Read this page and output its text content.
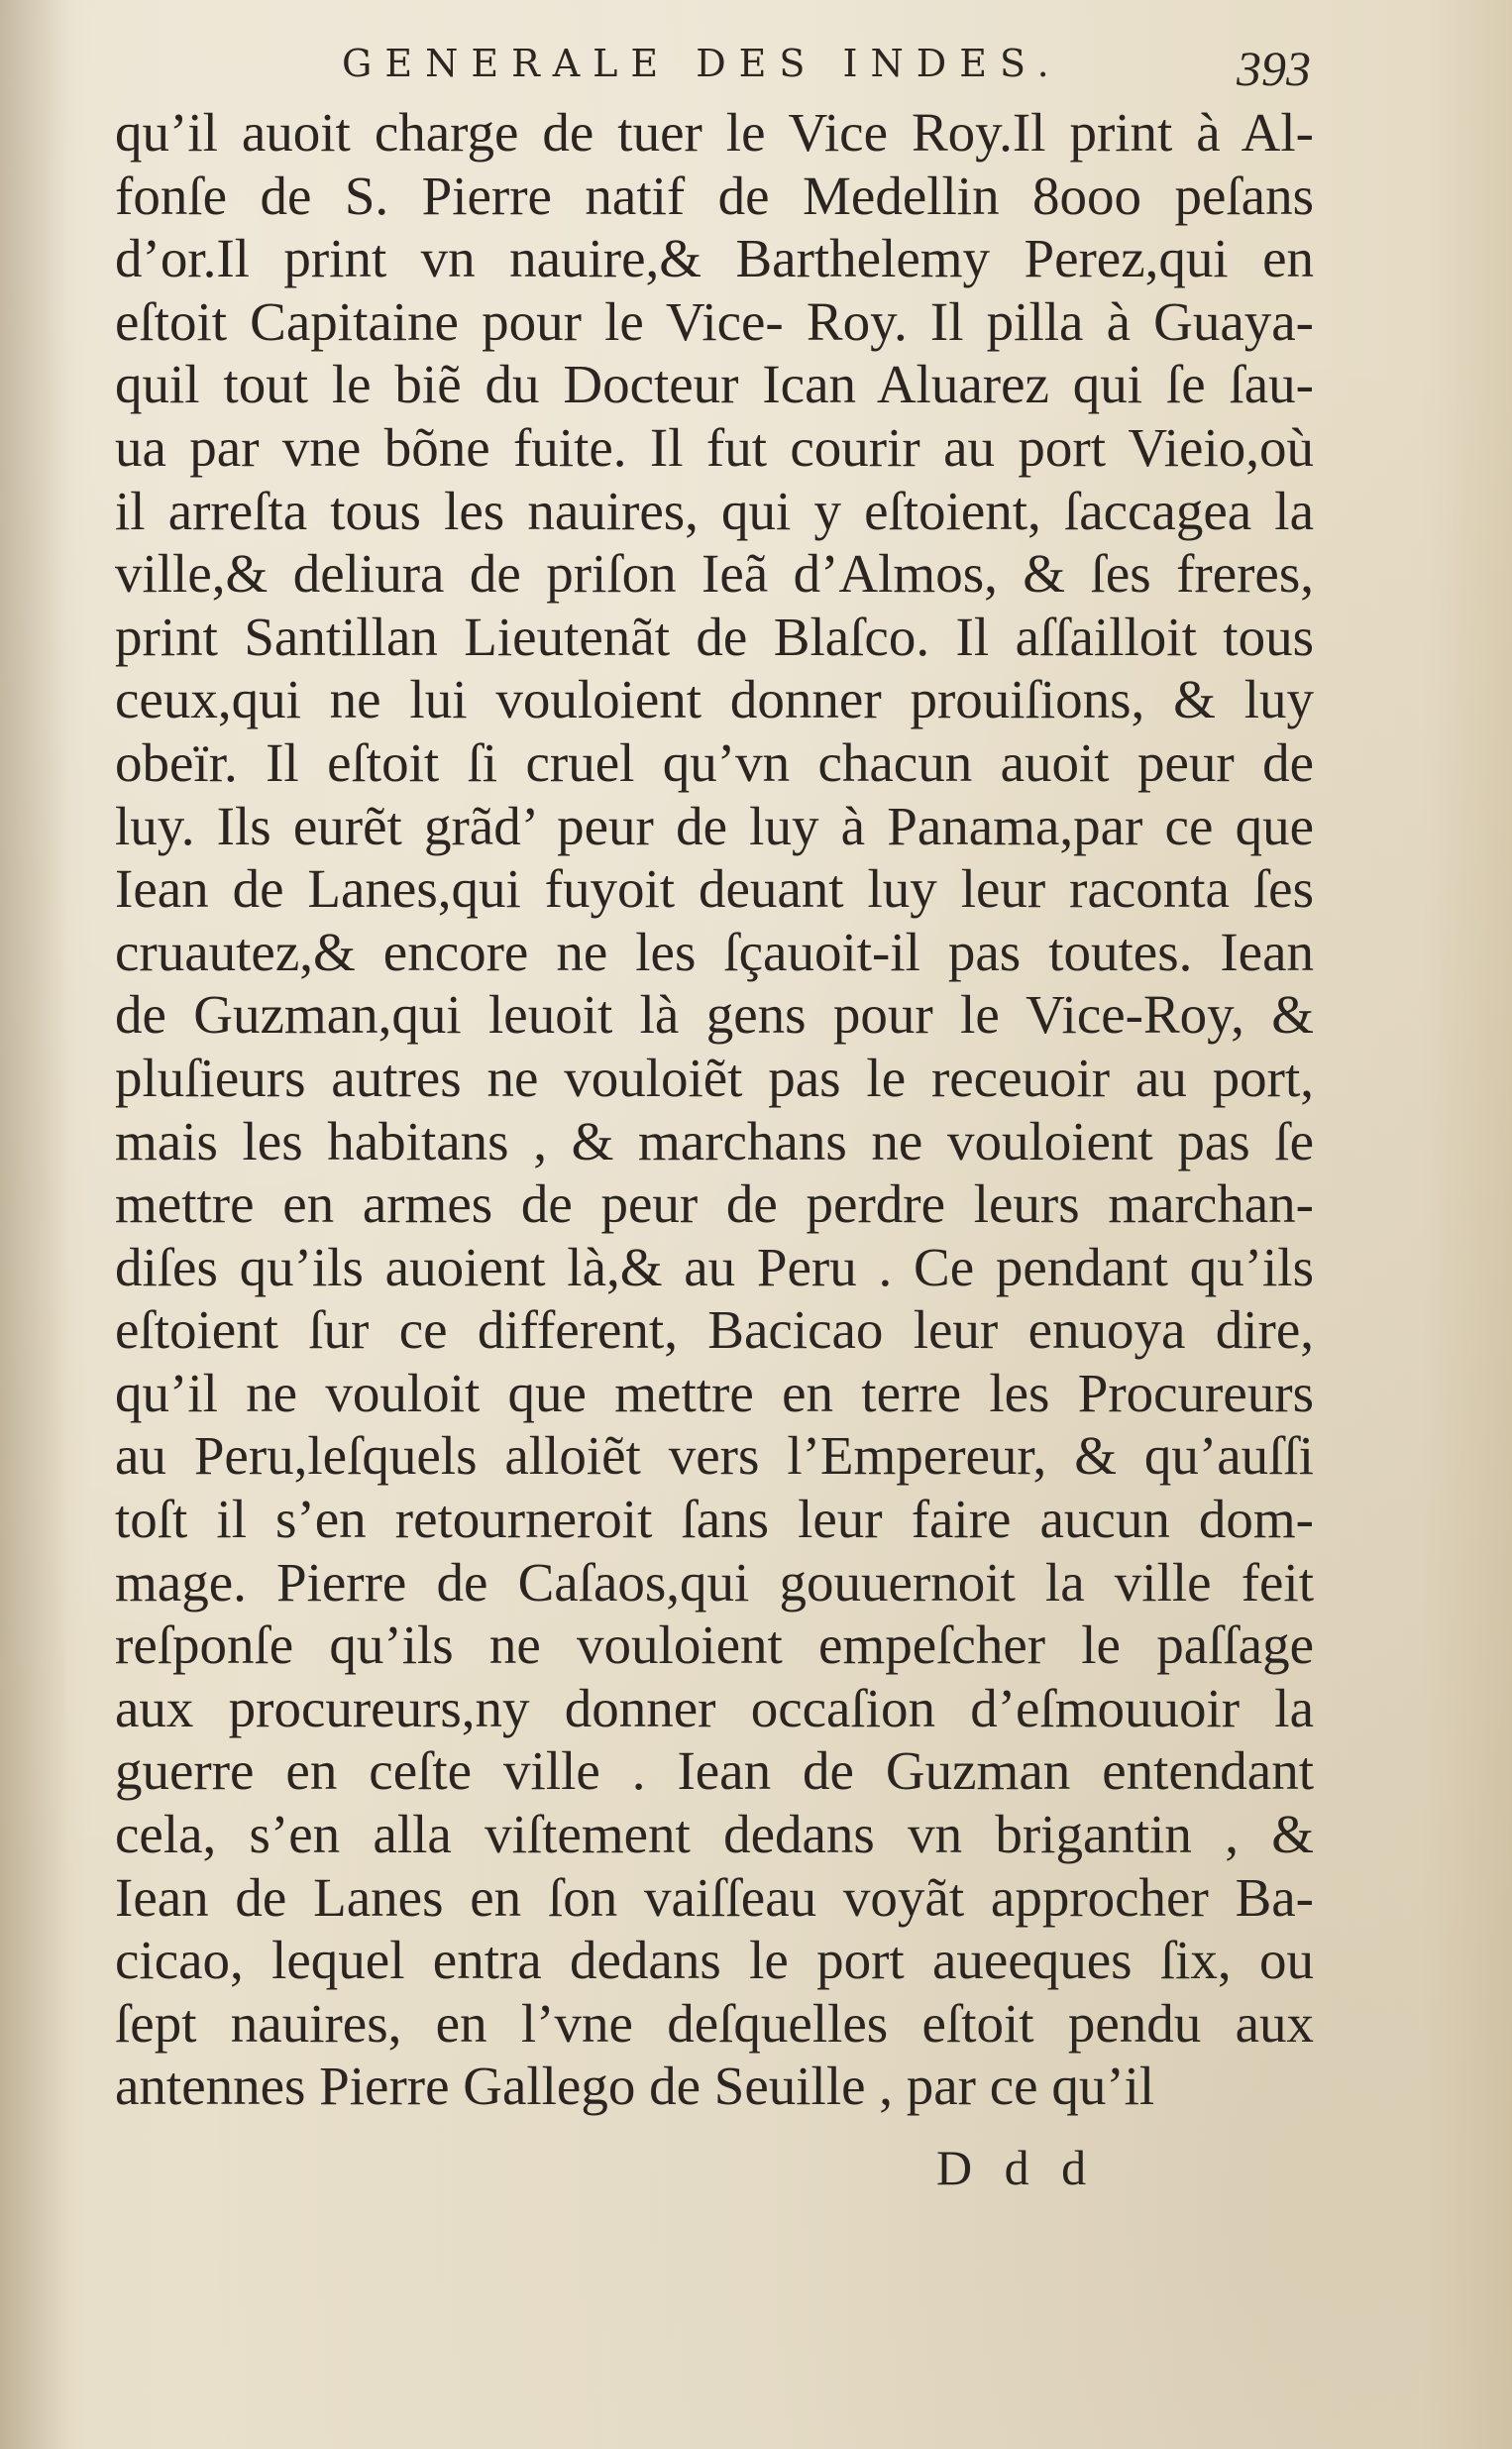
GENERALE DES INDES.	393
qu’il auoit charge de tuer le Vice Roy.Il print à Al-
fonſe de S. Pierre natif de Medellin 8ooo peſans
d’or.Il print vn nauire,& Barthelemy Perez,qui en
eſtoit Capitaine pour le Vice- Roy. Il pilla à Guaya-
quil tout le biẽ du Docteur Ican Aluarez qui ſe ſau-
ua par vne bõne fuite. Il fut courir au port Vieio,où
il arreſta tous les nauires, qui y eſtoient, ſaccagea la
ville,& deliura de priſon Ieã d’Almos, & ſes freres,
print Santillan Lieutenãt de Blaſco. Il aſſailloit tous
ceux,qui ne lui vouloient donner prouiſions, & luy
obeïr. Il eſtoit ſi cruel qu’vn chacun auoit peur de
luy. Ils eurẽt grãd’ peur de luy à Panama,par ce que
Iean de Lanes,qui fuyoit deuant luy leur raconta ſes
cruautez,& encore ne les ſçauoit-il pas toutes. Iean
de Guzman,qui leuoit là gens pour le Vice-Roy, &
pluſieurs autres ne vouloiẽt pas le receuoir au port,
mais les habitans , & marchans ne vouloient pas ſe
mettre en armes de peur de perdre leurs marchan-
diſes qu’ils auoient là,& au Peru . Ce pendant qu’ils
eſtoient ſur ce different, Bacicao leur enuoya dire,
qu’il ne vouloit que mettre en terre les Procureurs
au Peru,leſquels alloiẽt vers l’Empereur, & qu’auſſi
toſt il s’en retourneroit ſans leur faire aucun dom-
mage. Pierre de Caſaos,qui gouuernoit la ville feit
reſponſe qu’ils ne vouloient empeſcher le paſſage
aux procureurs,ny donner occaſion d’eſmouuoir la
guerre en ceſte ville . Iean de Guzman entendant
cela, s’en alla viſtement dedans vn brigantin , &
Iean de Lanes en ſon vaiſſeau voyãt approcher Ba-
cicao, lequel entra dedans le port aueeques ſix, ou
ſept nauires, en l’vne deſquelles eſtoit pendu aux
antennes Pierre Gallego de Seuille , par ce qu’il
D d d
